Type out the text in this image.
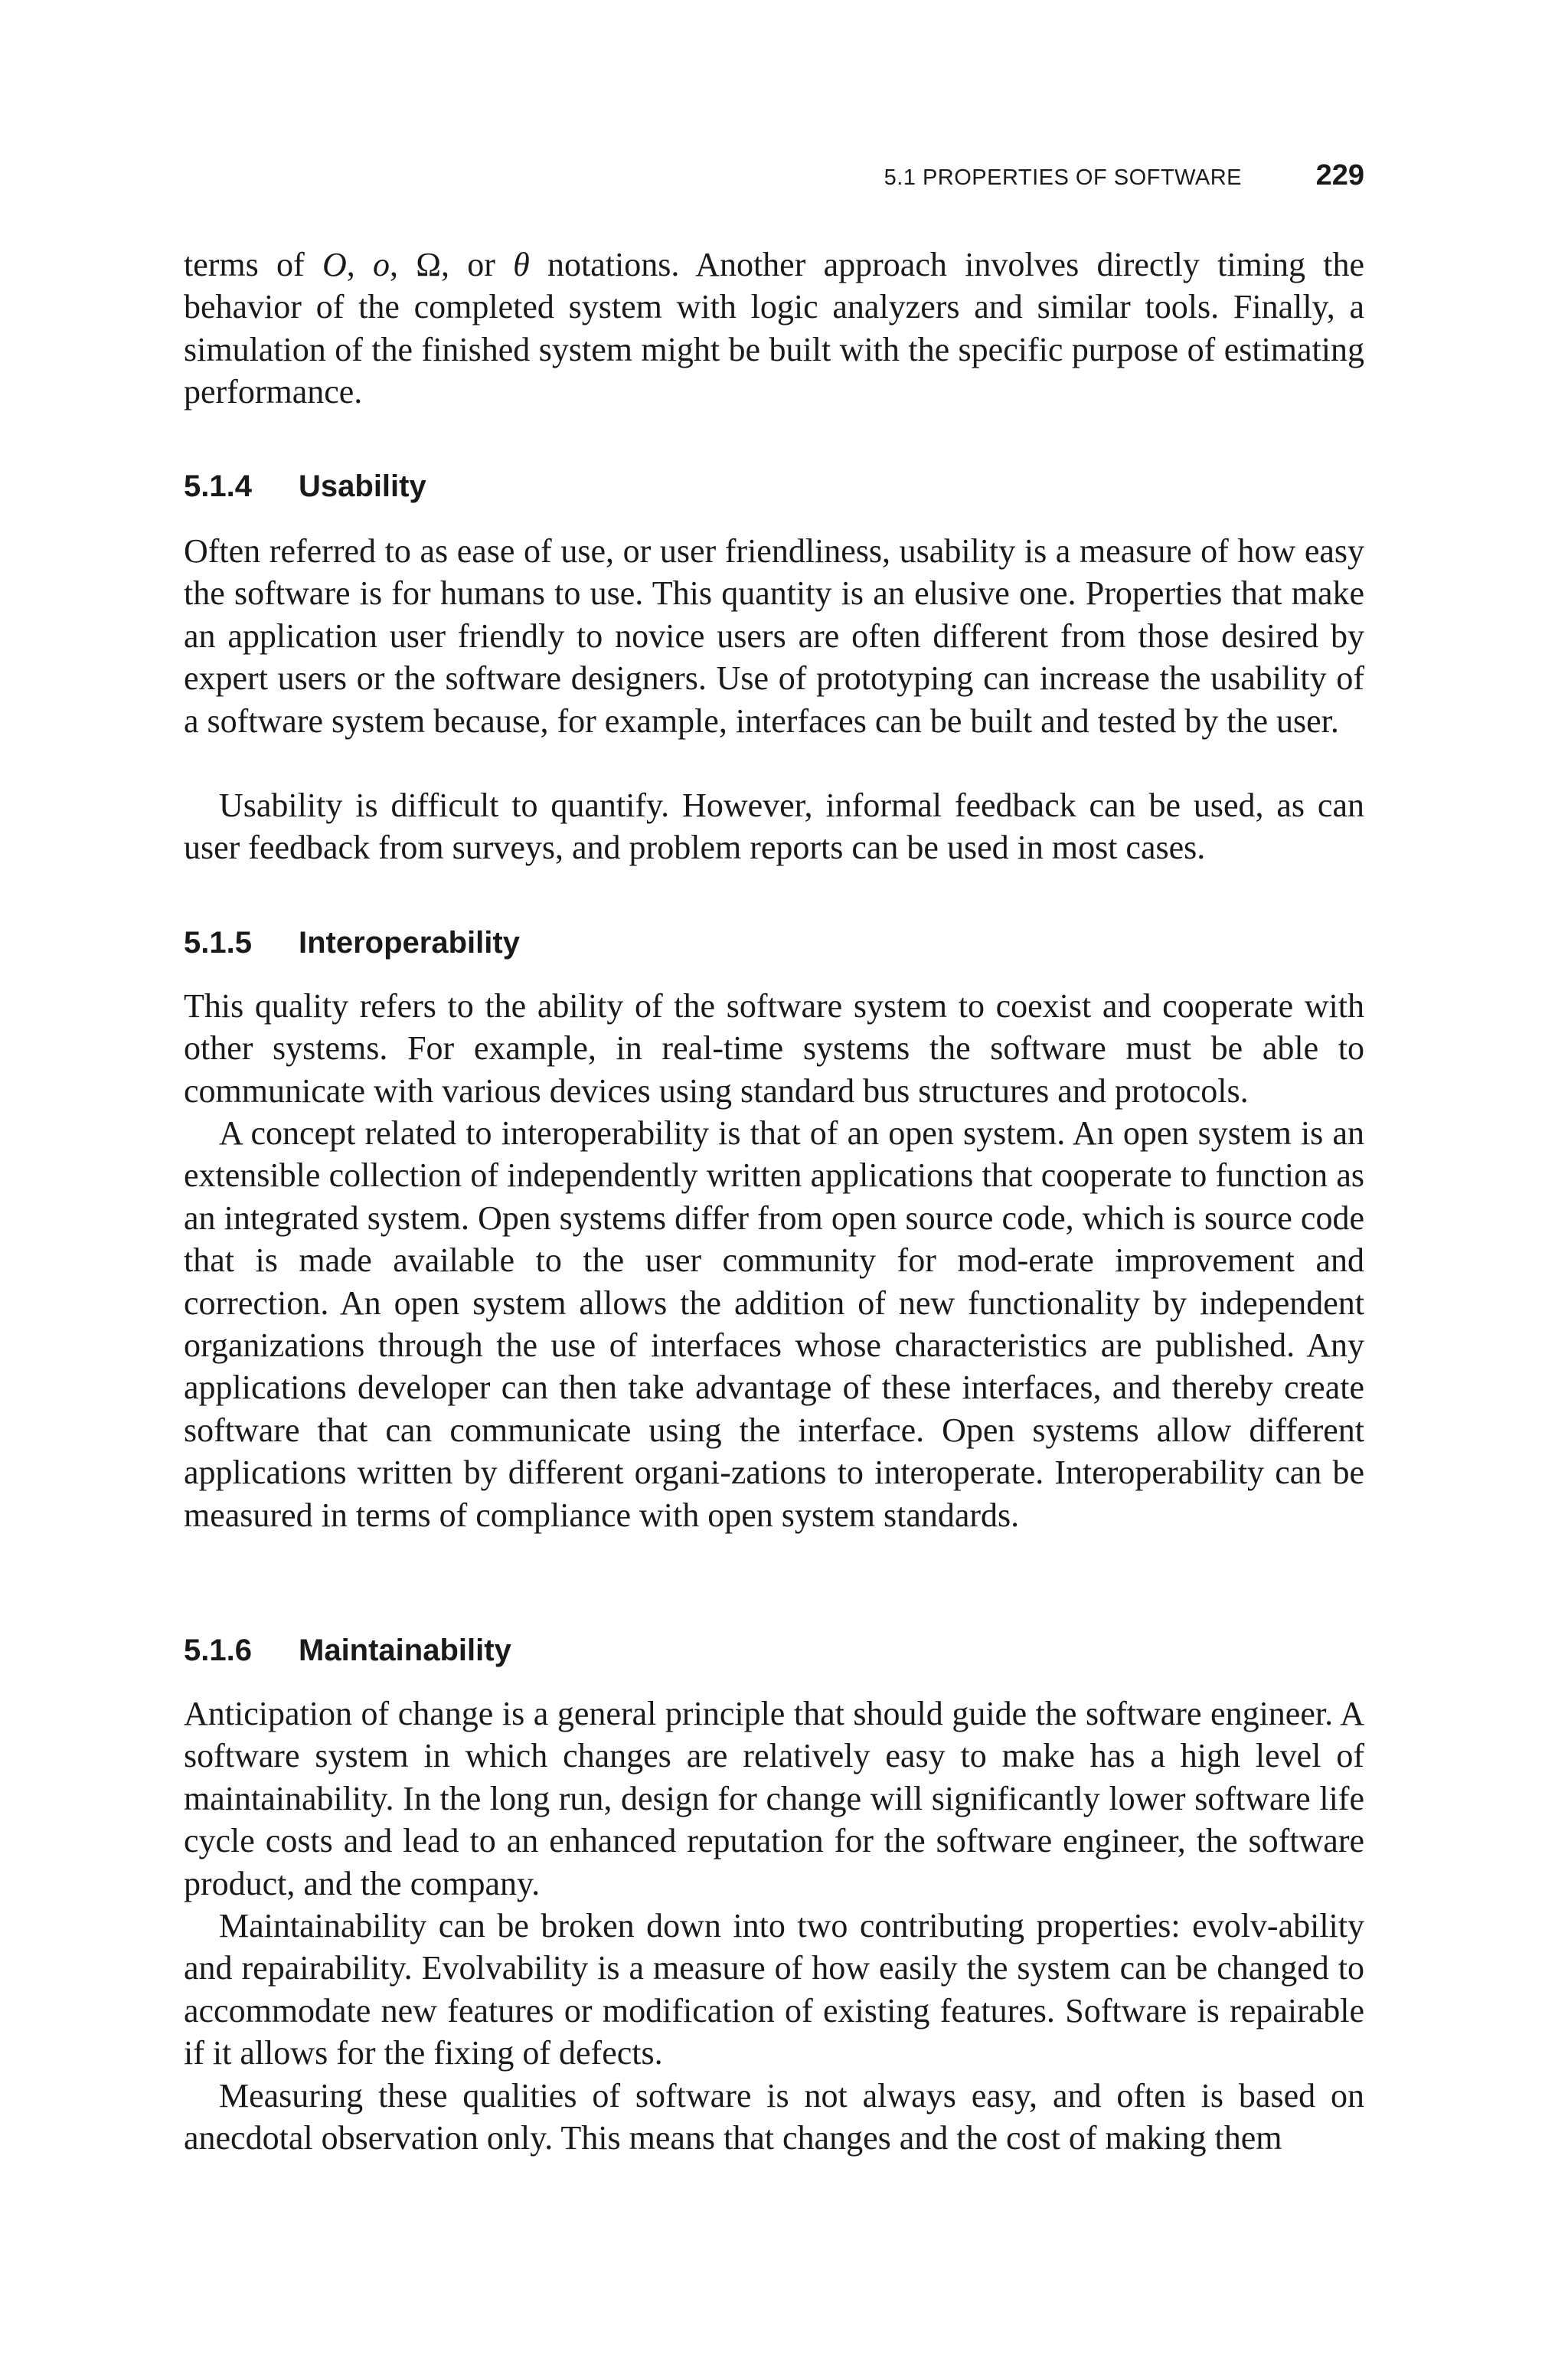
5.1 PROPERTIES OF SOFTWARE	229

terms of O, o, Ω, or θ notations. Another approach involves directly timing the behavior of the completed system with logic analyzers and similar tools. Finally, a simulation of the finished system might be built with the specific purpose of estimating performance.

5.1.4 Usability

Often referred to as ease of use, or user friendliness, usability is a measure of how easy the software is for humans to use. This quantity is an elusive one. Properties that make an application user friendly to novice users are often different from those desired by expert users or the software designers. Use of prototyping can increase the usability of a software system because, for example, interfaces can be built and tested by the user.

Usability is difficult to quantify. However, informal feedback can be used, as can user feedback from surveys, and problem reports can be used in most cases.

5.1.5 Interoperability

This quality refers to the ability of the software system to coexist and cooperate with other systems. For example, in real-time systems the software must be able to communicate with various devices using standard bus structures and protocols.

A concept related to interoperability is that of an open system. An open system is an extensible collection of independently written applications that cooperate to function as an integrated system. Open systems differ from open source code, which is source code that is made available to the user community for mod-erate improvement and correction. An open system allows the addition of new functionality by independent organizations through the use of interfaces whose characteristics are published. Any applications developer can then take advantage of these interfaces, and thereby create software that can communicate using the interface. Open systems allow different applications written by different organi-zations to interoperate. Interoperability can be measured in terms of compliance with open system standards.

5.1.6 Maintainability

Anticipation of change is a general principle that should guide the software engineer. A software system in which changes are relatively easy to make has a high level of maintainability. In the long run, design for change will significantly lower software life cycle costs and lead to an enhanced reputation for the software engineer, the software product, and the company.

Maintainability can be broken down into two contributing properties: evolv-ability and repairability. Evolvability is a measure of how easily the system can be changed to accommodate new features or modification of existing features. Software is repairable if it allows for the fixing of defects.

Measuring these qualities of software is not always easy, and often is based on anecdotal observation only. This means that changes and the cost of making them
